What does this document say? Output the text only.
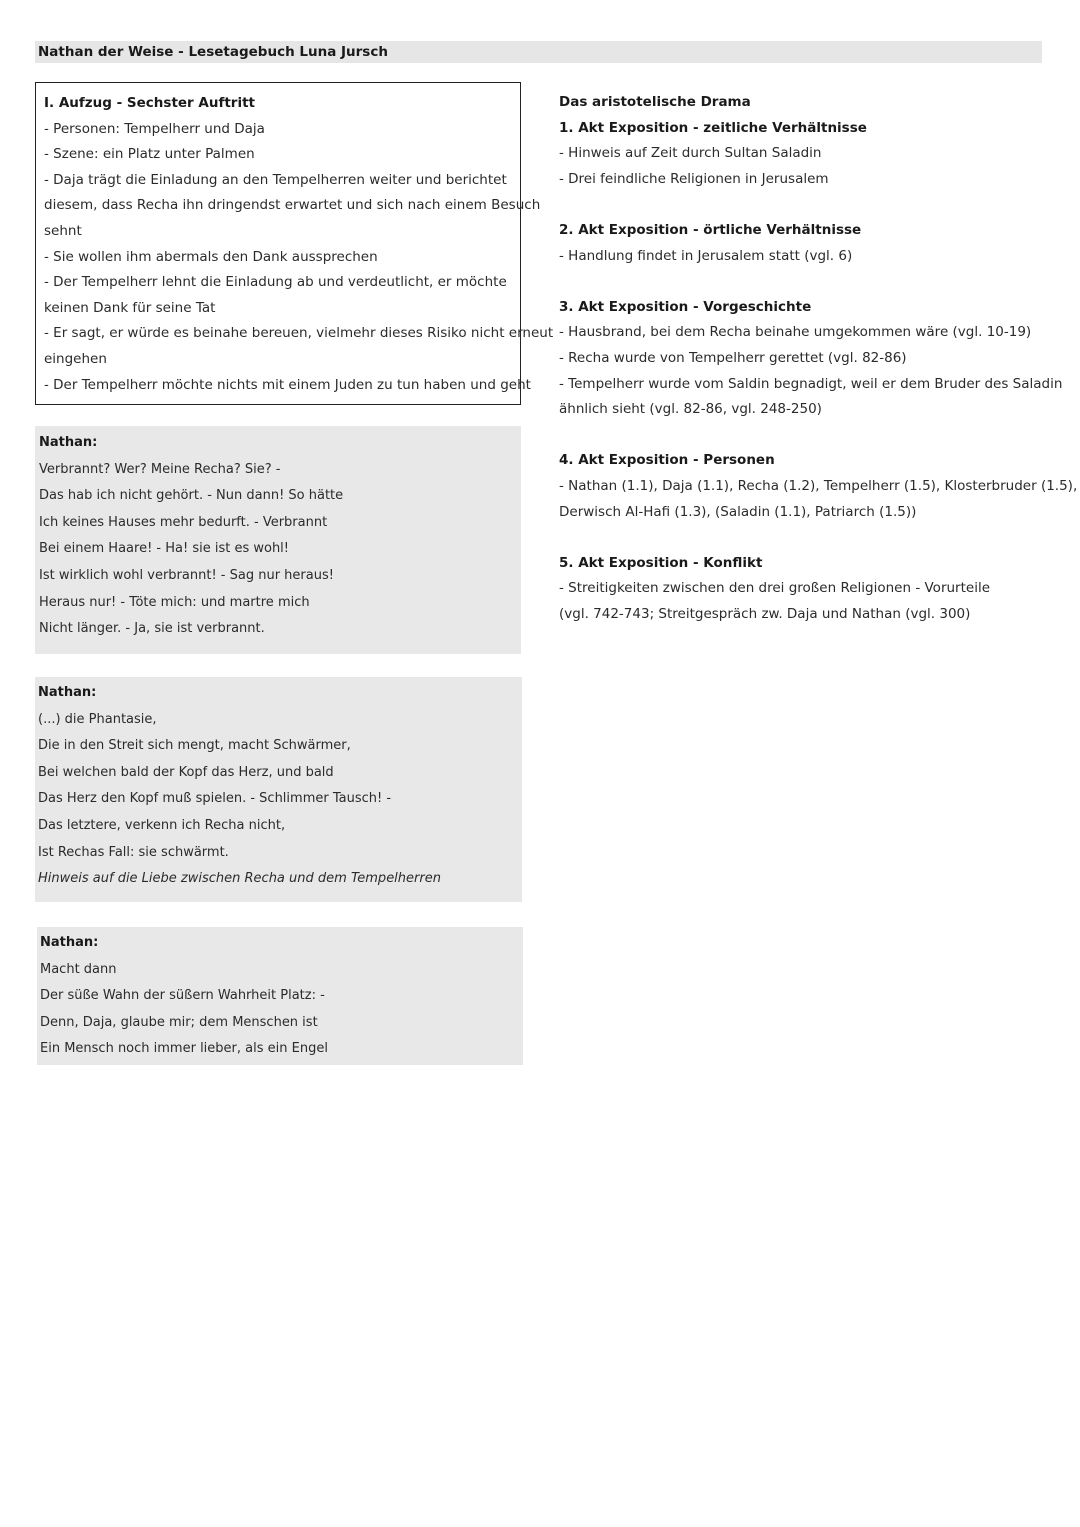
Nathan der Weise - Lesetagebuch Luna Jursch
I. Aufzug - Sechster Auftritt
- Personen: Tempelherr und Daja
- Szene: ein Platz unter Palmen
- Daja trägt die Einladung an den Tempelherren weiter und berichtet
diesem, dass Recha ihn dringendst erwartet und sich nach einem Besuch
sehnt
- Sie wollen ihm abermals den Dank aussprechen
- Der Tempelherr lehnt die Einladung ab und verdeutlicht, er möchte
keinen Dank für seine Tat
- Er sagt, er würde es beinahe bereuen, vielmehr dieses Risiko nicht erneut
eingehen
- Der Tempelherr möchte nichts mit einem Juden zu tun haben und geht
Nathan:
Verbrannt? Wer? Meine Recha? Sie? -
Das hab ich nicht gehört. - Nun dann! So hätte
Ich keines Hauses mehr bedurft. - Verbrannt
Bei einem Haare! - Ha! sie ist es wohl!
Ist wirklich wohl verbrannt! - Sag nur heraus!
Heraus nur! - Töte mich: und martre mich
Nicht länger. - Ja, sie ist verbrannt.
Nathan:
(...) die Phantasie,
Die in den Streit sich mengt, macht Schwärmer,
Bei welchen bald der Kopf das Herz, und bald
Das Herz den Kopf muß spielen. - Schlimmer Tausch! -
Das letztere, verkenn ich Recha nicht,
Ist Rechas Fall: sie schwärmt.
Hinweis auf die Liebe zwischen Recha und dem Tempelherren
Nathan:
Macht dann
Der süße Wahn der süßern Wahrheit Platz: -
Denn, Daja, glaube mir; dem Menschen ist
Ein Mensch noch immer lieber, als ein Engel
Das aristotelische Drama
1. Akt Exposition - zeitliche Verhältnisse
- Hinweis auf Zeit durch Sultan Saladin
- Drei feindliche Religionen in Jerusalem
2. Akt Exposition - örtliche Verhältnisse
- Handlung findet in Jerusalem statt (vgl. 6)
3. Akt Exposition - Vorgeschichte
- Hausbrand, bei dem Recha beinahe umgekommen wäre (vgl. 10-19)
- Recha wurde von Tempelherr gerettet (vgl. 82-86)
- Tempelherr wurde vom Saldin begnadigt, weil er dem Bruder des Saladin
ähnlich sieht (vgl. 82-86, vgl. 248-250)
4. Akt Exposition - Personen
- Nathan (1.1), Daja (1.1), Recha (1.2), Tempelherr (1.5), Klosterbruder (1.5),
Derwisch Al-Hafi (1.3), (Saladin (1.1), Patriarch (1.5))
5. Akt Exposition - Konflikt
- Streitigkeiten zwischen den drei großen Religionen - Vorurteile
(vgl. 742-743; Streitgespräch zw. Daja und Nathan (vgl. 300)
